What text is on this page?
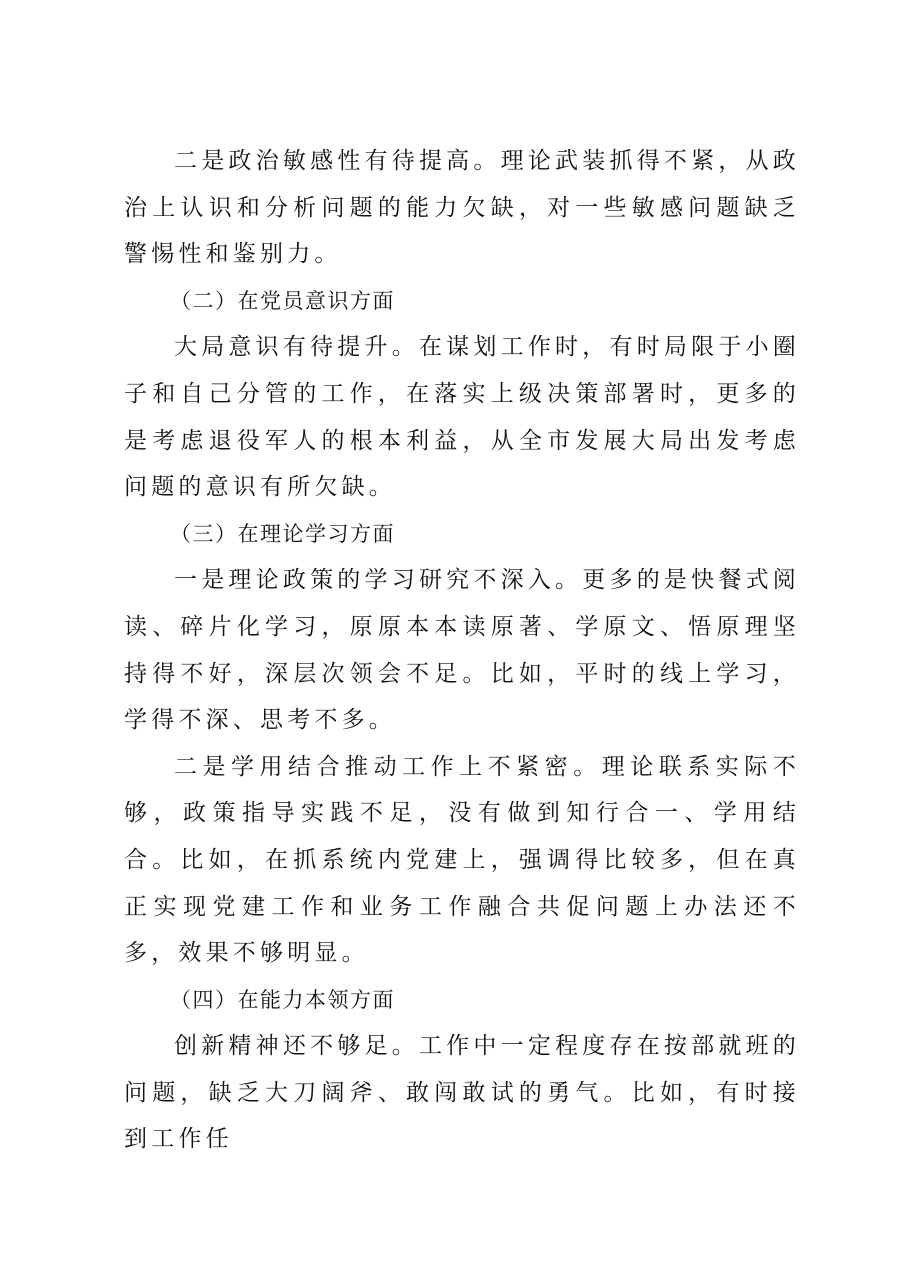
二是政治敏感性有待提高。理论武装抓得不紧，从政治上认识和分析问题的能力欠缺，对一些敏感问题缺乏警惕性和鉴别力。

（二）在党员意识方面

大局意识有待提升。在谋划工作时，有时局限于小圈子和自己分管的工作，在落实上级决策部署时，更多的是考虑退役军人的根本利益，从全市发展大局出发考虑问题的意识有所欠缺。

（三）在理论学习方面

一是理论政策的学习研究不深入。更多的是快餐式阅读、碎片化学习，原原本本读原著、学原文、悟原理坚持得不好，深层次领会不足。比如，平时的线上学习，学得不深、思考不多。

二是学用结合推动工作上不紧密。理论联系实际不够，政策指导实践不足，没有做到知行合一、学用结合。比如，在抓系统内党建上，强调得比较多，但在真正实现党建工作和业务工作融合共促问题上办法还不多，效果不够明显。

（四）在能力本领方面

创新精神还不够足。工作中一定程度存在按部就班的问题，缺乏大刀阔斧、敢闯敢试的勇气。比如，有时接到工作任
